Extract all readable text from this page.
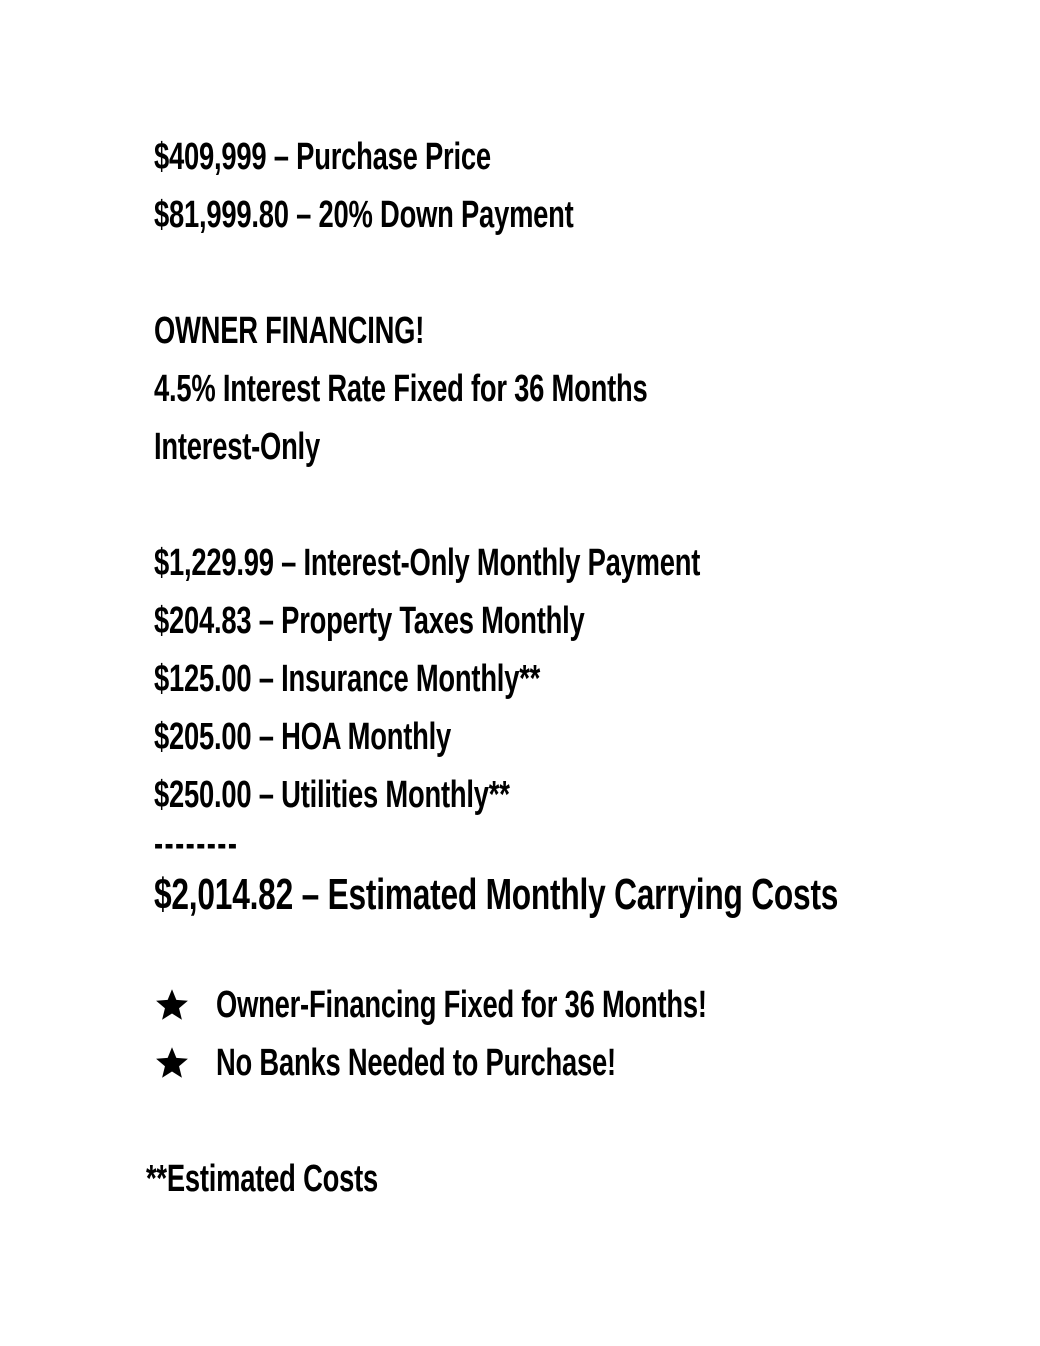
$409,999 – Purchase Price
$81,999.80 – 20% Down Payment
OWNER FINANCING!
4.5% Interest Rate Fixed for 36 Months
Interest-Only
$1,229.99 – Interest-Only Monthly Payment
$204.83 – Property Taxes Monthly
$125.00 – Insurance Monthly**
$205.00 – HOA Monthly
$250.00 – Utilities Monthly**
--------
$2,014.82 – Estimated Monthly Carrying Costs
Owner-Financing Fixed for 36 Months!
No Banks Needed to Purchase!
**Estimated Costs
